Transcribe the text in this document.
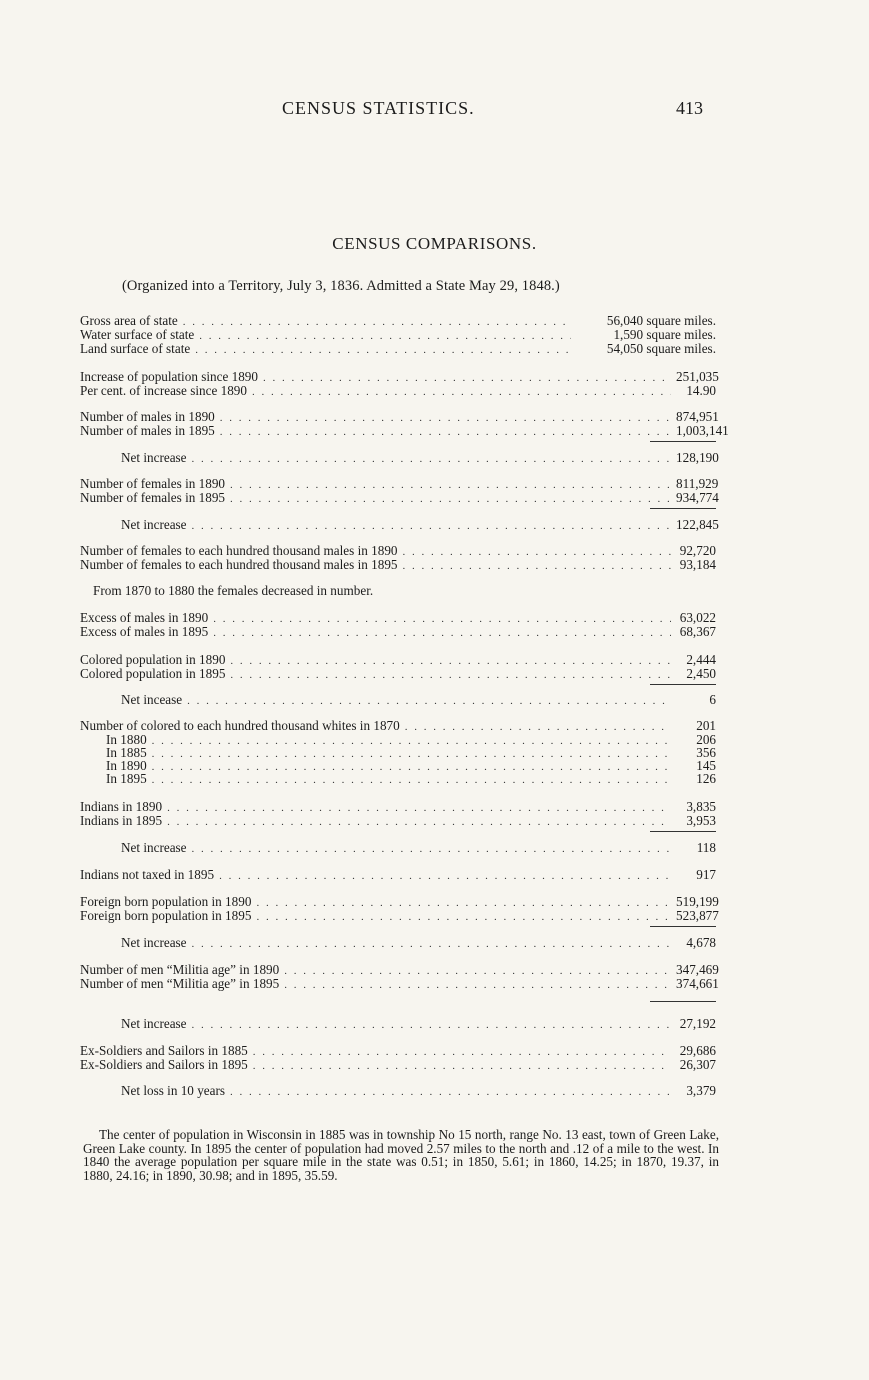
CENSUS STATISTICS.	413
CENSUS COMPARISONS.
(Organized into a Territory, July 3, 1836. Admitted a State May 29, 1848.)
Gross area of state . . .	56,040 square miles.
Water surface of state . . .	1,590 square miles.
Land surface of state . . .	54,050 square miles.
Increase of population since 1890 . . .	251,035
Per cent. of increase since 1890 . . .	14.90
Number of males in 1890 . . .	874,951
Number of males in 1895 . . .	1,003,141
Net increase . . .	128,190
Number of females in 1890 . . .	811,929
Number of females in 1895 . . .	934,774
Net increase . . .	122,845
Number of females to each hundred thousand males in 1890 . . .	92,720
Number of females to each hundred thousand males in 1895 . . .	93,184
From 1870 to 1880 the females decreased in number.
Excess of males in 1890 . . .	63,022
Excess of males in 1895 . . .	68,367
Colored population in 1890 . . .	2,444
Colored population in 1895 . . .	2,450
Net incease . . .	6
Number of colored to each hundred thousand whites in 1870 . . .	201
In 1880 . . .	206
In 1885 . . .	356
In 1890 . . .	145
In 1895 . . .	126
Indians in 1890 . . .	3,835
Indians in 1895 . . .	3,953
Net increase . . .	118
Indians not taxed in 1895 . . .	917
Foreign born population in 1890 . . .	519,199
Foreign born population in 1895 . . .	523,877
Net increase . . .	4,678
Number of men “Militia age” in 1890 . . .	347,469
Number of men “Militia age” in 1895 . . .	374,661
Net increase . . .	27,192
Ex-Soldiers and Sailors in 1885 . . .	29,686
Ex-Soldiers and Sailors in 1895 . . .	26,307
Net loss in 10 years . . .	3,379

The center of population in Wisconsin in 1885 was in township No 15 north, range No. 13 east, town of Green Lake, Green Lake county. In 1895 the center of population had moved 2.57 miles to the north and .12 of a mile to the west. In 1840 the average population per square mile in the state was 0.51; in 1850, 5.61; in 1860, 14.25; in 1870, 19.37, in 1880, 24.16; in 1890, 30.98; and in 1895, 35.59.
